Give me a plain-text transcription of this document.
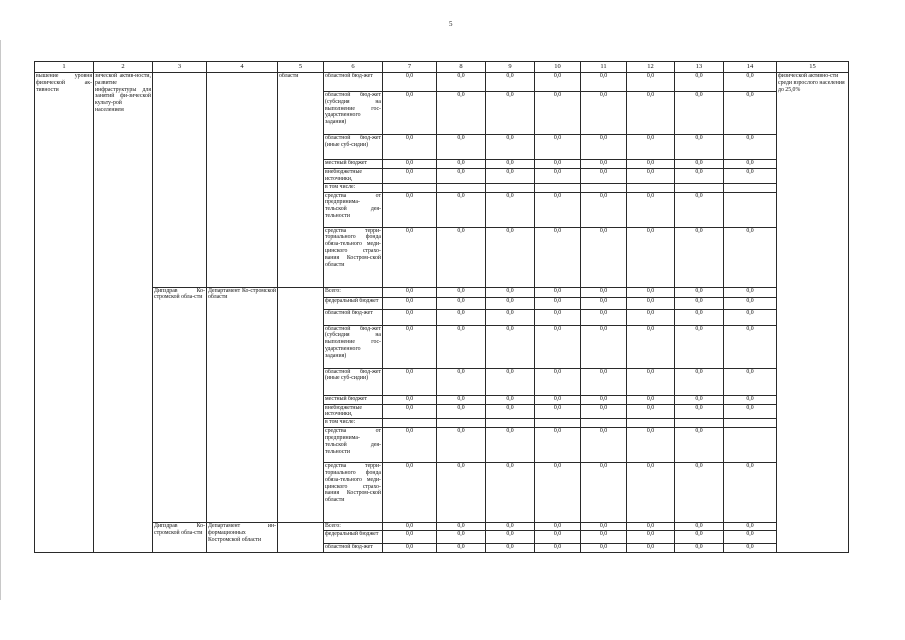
5
1	2	3	4	5	6	7	8	9	10	11	12	13	14	15
вышение уровня физической ак-тивности	зической актив-ности, развитие инфраструктуры для занятий фи-зической культу-рой населением			области	областной бюд-жет	0,0	0,0	0,0	0,0	0,0	0,0	0,0	0,0	физической активно-сти среди взрослого населения до 25,0%
					областной бюд-жет (субсидия на выполнение гос-ударственного задания)	0,0	0,0	0,0	0,0	0,0	0,0	0,0	0,0	
					областной бюд-жет (иные суб-сидии)	0,0	0,0	0,0	0,0	0,0	0,0	0,0	0,0	
					местный бюджет	0,0	0,0	0,0	0,0	0,0	0,0	0,0	0,0	
					внебюджетные источники,	0,0	0,0	0,0	0,0	0,0	0,0	0,0	0,0	
					в том числе:									
					средства от предпринима-тельской дея-тельности	0,0	0,0	0,0	0,0	0,0	0,0	0,0		
					средства терри-ториального фонда обяза-тельного меди-цинского страхо-вания Костром-ской области	0,0	0,0	0,0	0,0	0,0	0,0	0,0	0,0	
		Дипздрав Ко-стромской обла-сти	Департамент Ко-стромской области		Всего:	0,0	0,0	0,0	0,0	0,0	0,0	0,0	0,0	
					федеральный бюджет	0,0	0,0	0,0	0,0	0,0	0,0	0,0	0,0	
					областной бюд-жет	0,0	0,0	0,0	0,0	0,0	0,0	0,0	0,0	
					областной бюд-жет (субсидия на выполнение гос-ударственного задания)	0,0	0,0	0,0	0,0	0,0	0,0	0,0	0,0	
					областной бюд-жет (иные суб-сидии)	0,0	0,0	0,0	0,0	0,0	0,0	0,0	0,0	
					местный бюджет	0,0	0,0	0,0	0,0	0,0	0,0	0,0	0,0	
					внебюджетные источники,	0,0	0,0	0,0	0,0	0,0	0,0	0,0	0,0	
					в том числе:									
					средства от предпринима-тельской дея-тельности	0,0	0,0	0,0	0,0	0,0	0,0	0,0		
					средства терри-ториального фонда обяза-тельного меди-цинского страхо-вания Костром-ской области	0,0	0,0	0,0	0,0	0,0	0,0	0,0	0,0	
		Дипздрав Ко-стромской обла-сти	Департамент ин-формационных Костромской области		Всего:	0,0	0,0	0,0	0,0	0,0	0,0	0,0	0,0	
					федеральный бюджет	0,0	0,0	0,0	0,0	0,0	0,0	0,0	0,0	
					областной бюд-жет	0,0	0,0	0,0	0,0	0,0	0,0	0,0	0,0	
